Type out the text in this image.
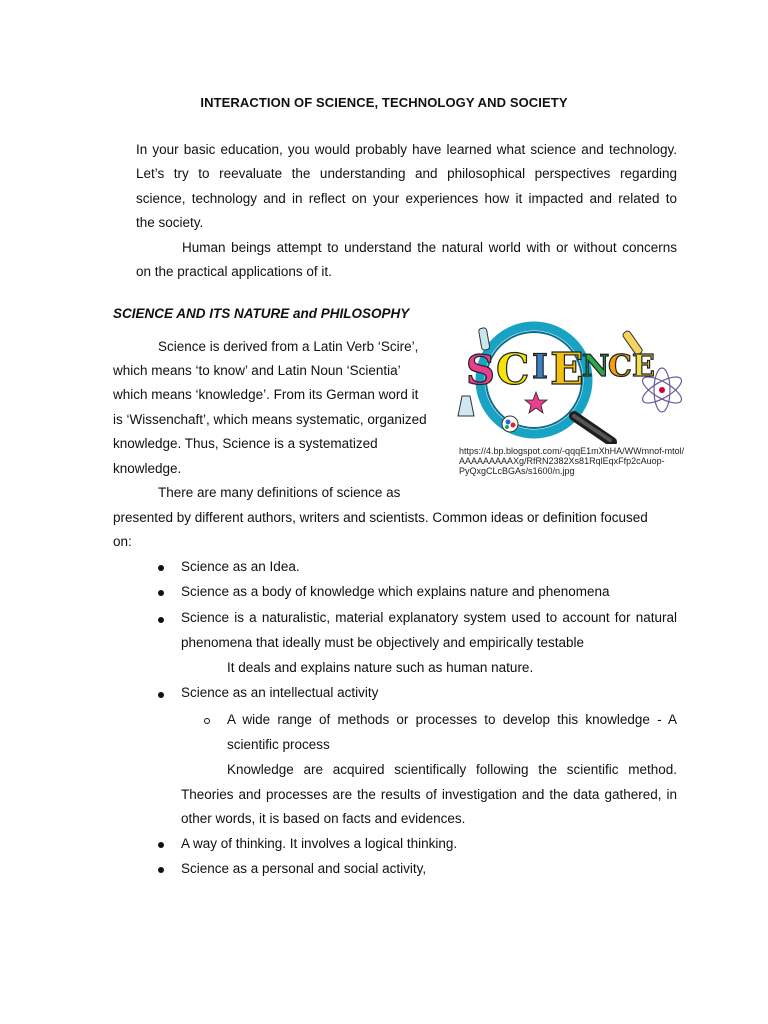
INTERACTION OF SCIENCE, TECHNOLOGY AND SOCIETY
In your basic education, you would probably have learned what science and technology.
Let’s try to reevaluate the understanding and philosophical perspectives regarding
science, technology and in reflect on your experiences how it impacted and related to
the society.
Human beings attempt to understand the natural world with or without concerns
on the practical applications of it.
SCIENCE AND ITS NATURE and PHILOSOPHY
Science is derived from a Latin Verb ‘Scire’,
which means ‘to know’ and Latin Noun ‘Scientia’
which means ‘knowledge’. From its German word it
is ‘Wissenchaft’, which means systematic, organized
knowledge. Thus, Science is a systematized
knowledge.
There are many definitions of science as
presented by different authors, writers and scientists. Common ideas or definition focused
on:
S C I E
N
C E
https://4.bp.blogspot.com/-qqqE1mXhHA/WWmnof-mtol/
AAAAAAAAAXg/RfRN2382Xs81RqlEqxFfp2cAuop-
PyQxgCLcBGAs/s1600/n.jpg
Science as an Idea.
Science as a body of knowledge which explains nature and phenomena
Science is a naturalistic, material explanatory system used to account for natural
phenomena that ideally must be objectively and empirically testable
It deals and explains nature such as human nature.
Science as an intellectual activity
A wide range of methods or processes to develop this knowledge - A
scientific process
Knowledge are acquired scientifically following the scientific method.
Theories and processes are the results of investigation and the data gathered, in
other words, it is based on facts and evidences.
A way of thinking. It involves a logical thinking.
Science as a personal and social activity,
